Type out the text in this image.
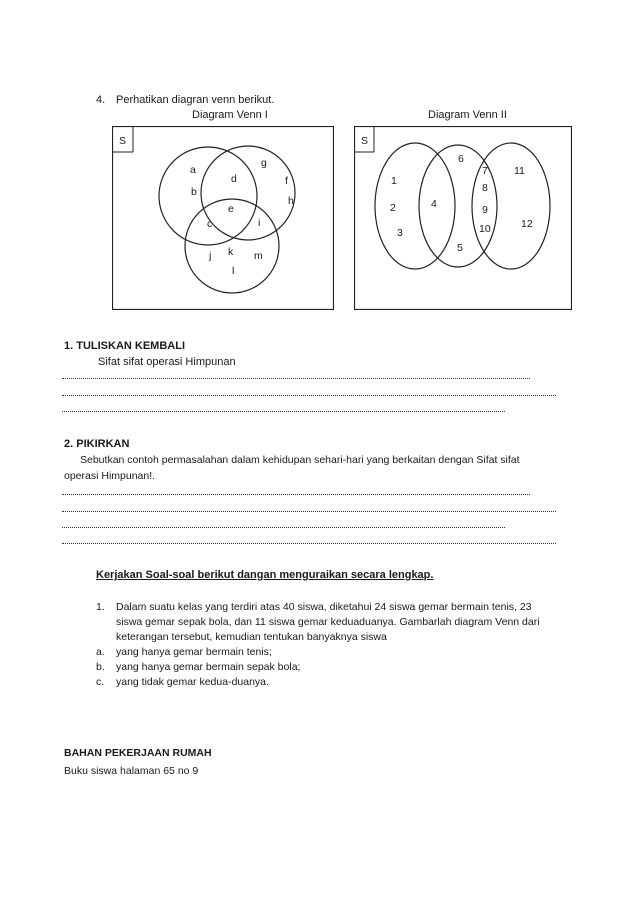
4. Perhatikan diagran venn berikut.
Diagram Venn I	Diagram Venn II
S
a
b
c
d
e
f
g
h
i
j k
l
m
S
1
2
3
4
5
6
7
8
9
10
11
12
1. TULISKAN KEMBALI
Sifat sifat operasi Himpunan
2. PIKIRKAN
Sebutkan contoh permasalahan dalam kehidupan sehari-hari yang berkaitan dengan Sifat sifat
operasi Himpunan!.
Kerjakan Soal-soal berikut dangan menguraikan secara lengkap.
1. Dalam suatu kelas yang terdiri atas 40 siswa, diketahui 24 siswa gemar bermain tenis, 23
siswa gemar sepak bola, dan 11 siswa gemar keduaduanya. Gambarlah diagram Venn dari
keterangan tersebut, kemudian tentukan banyaknya siswa
a. yang hanya gemar bermain tenis;
b. yang hanya gemar bermain sepak bola;
c. yang tidak gemar kedua-duanya.
BAHAN PEKERJAAN RUMAH
Buku siswa halaman 65 no 9
